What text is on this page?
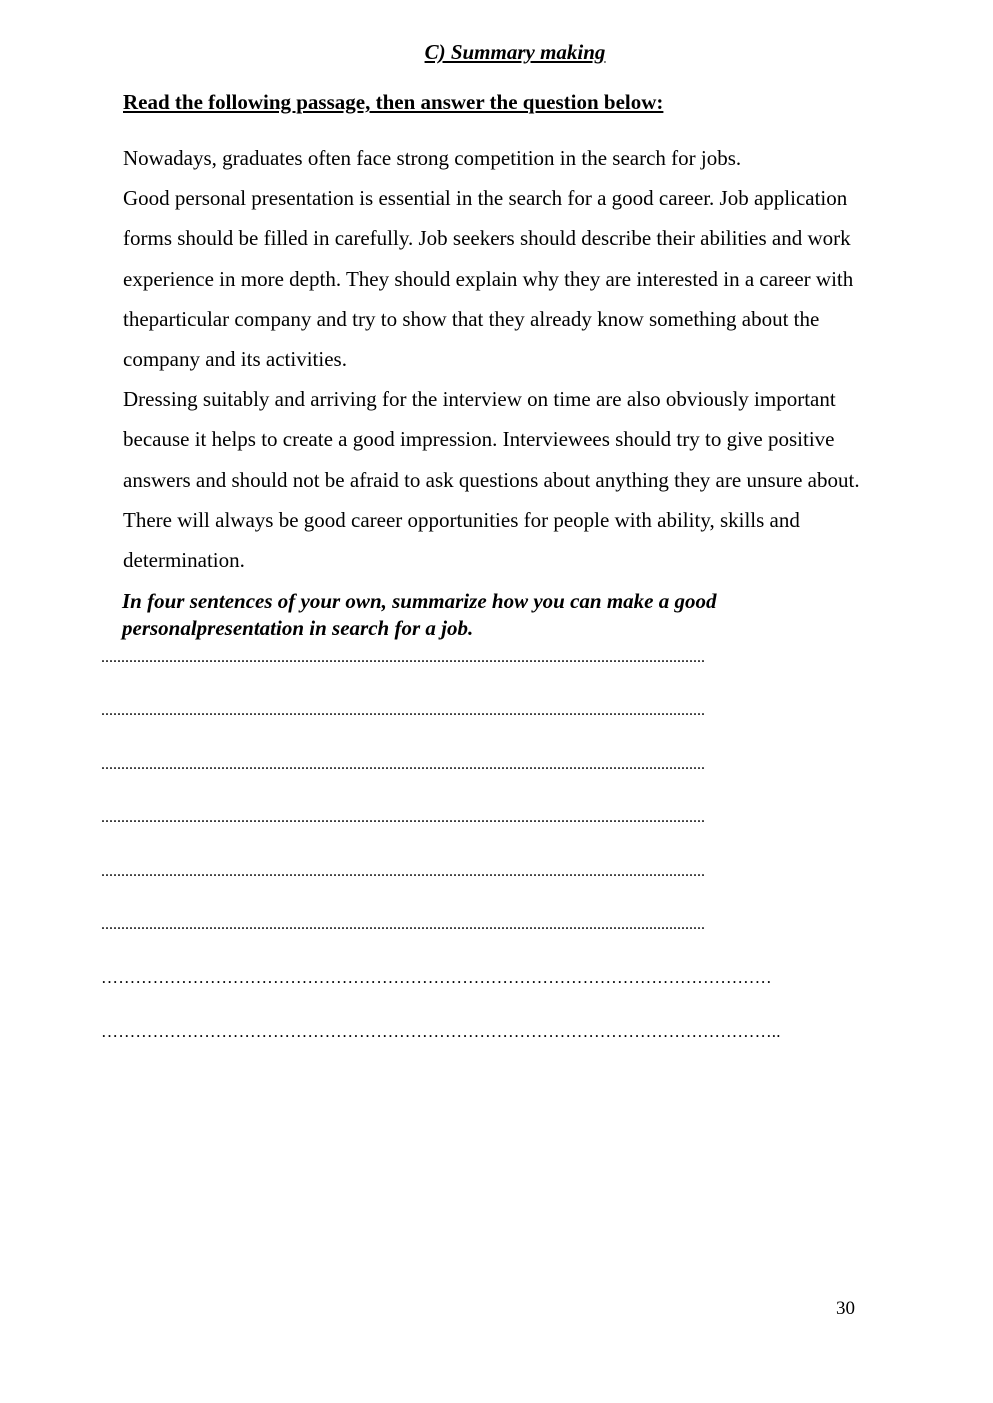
C) Summary making
Read the following passage, then answer the question below:

Nowadays, graduates often face strong competition in the search for jobs.
Good personal presentation is essential in the search for a good career. Job application
forms should be filled in carefully. Job seekers should describe their abilities and work
experience in more depth. They should explain why they are interested in a career with
theparticular company and try to show that they already know something about the
company and its activities.
Dressing suitably and arriving for the interview on time are also obviously important
because it helps to create a good impression. Interviewees should try to give positive
answers and should not be afraid to ask questions about anything they are unsure about.
There will always be good career opportunities for people with ability, skills and
determination.

In four sentences of your own, summarize how you can make a good
personalpresentation in search for a job.
.......................................................................................................................................................
.......................................................................................................................................................
.......................................................................................................................................................
.......................................................................................................................................................
.......................................................................................................................................................
.......................................................................................................................................................
………………………………………………………………………………………………………
………………………………………………………………………………………………………..
30
